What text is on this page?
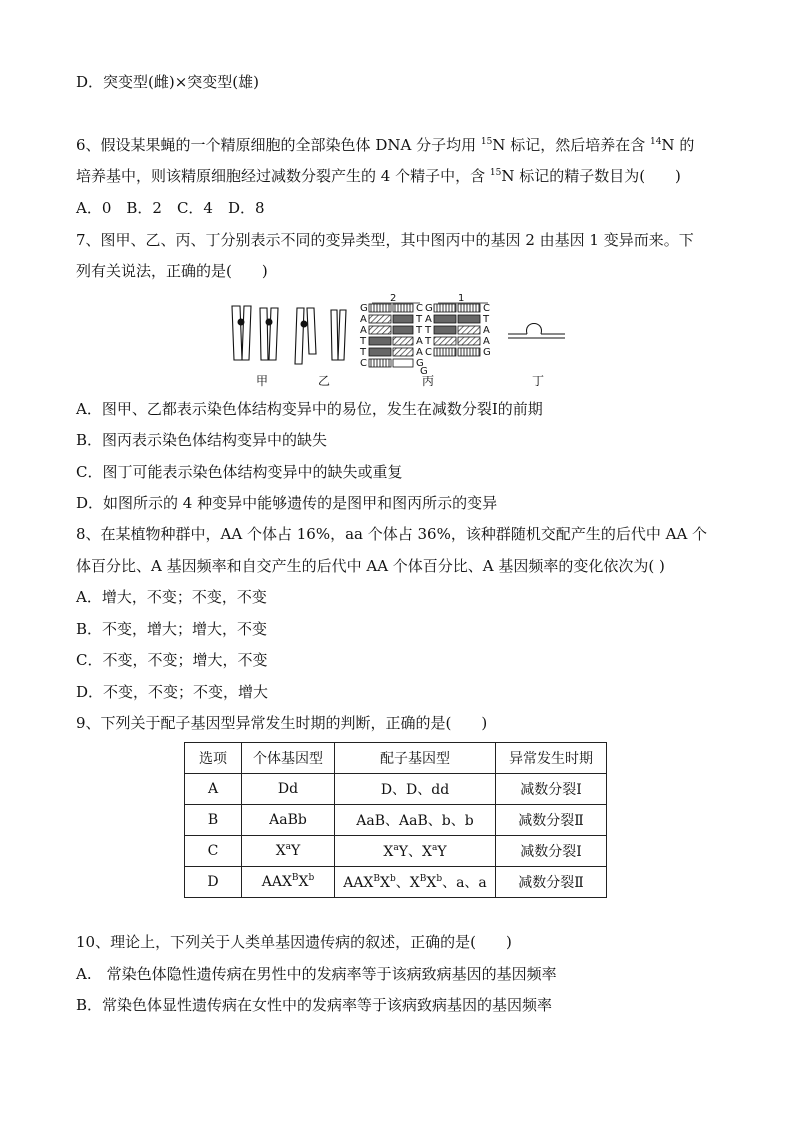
D．突变型(雌)×突变型(雄)
6、假设某果蝇的一个精原细胞的全部染色体 DNA 分子均用 $^{15}$N 标记，然后培养在含 $^{14}$N 的
培养基中，则该精原细胞经过减数分裂产生的 4 个精子中，含 $^{15}$N 标记的精子数目为(　　)
A．0　B．2　C．4　D．8
7、图甲、乙、丙、丁分别表示不同的变异类型，其中图丙中的基因 2 由基因 1 变异而来。下
列有关说法，正确的是(　　)
2	1
G
A
A
T
T
C
C
T
T
A
A
G
G
A
T
T
C
C
T
A
A
G
G
甲	乙	丙	丁
A．图甲、乙都表示染色体结构变异中的易位，发生在减数分裂Ⅰ的前期
B．图丙表示染色体结构变异中的缺失
C．图丁可能表示染色体结构变异中的缺失或重复
D．如图所示的 4 种变异中能够遗传的是图甲和图丙所示的变异
8、在某植物种群中，AA 个体占 16%，aa 个体占 36%，该种群随机交配产生的后代中 AA 个
体百分比、A 基因频率和自交产生的后代中 AA 个体百分比、A 基因频率的变化依次为( )
A．增大，不变；不变，不变
B．不变，增大；增大，不变
C．不变，不变；增大，不变
D．不变，不变；不变，增大
9、下列关于配子基因型异常发生时期的判断，正确的是(　　)
选项	个体基因型	配子基因型	异常发生时期
A	Dd	D、D、dd	减数分裂Ⅰ
B	AaBb	AaB、AaB、b、b	减数分裂Ⅱ
C	$X^aY$	$X^aY$、$X^aY$	减数分裂Ⅰ
D	$AAX^BX^b$	$AAX^BX^b$、$X^BX^b$、a、a	减数分裂Ⅱ
10、理论上，下列关于人类单基因遗传病的叙述，正确的是(　　)
A.　常染色体隐性遗传病在男性中的发病率等于该病致病基因的基因频率
B．常染色体显性遗传病在女性中的发病率等于该病致病基因的基因频率
